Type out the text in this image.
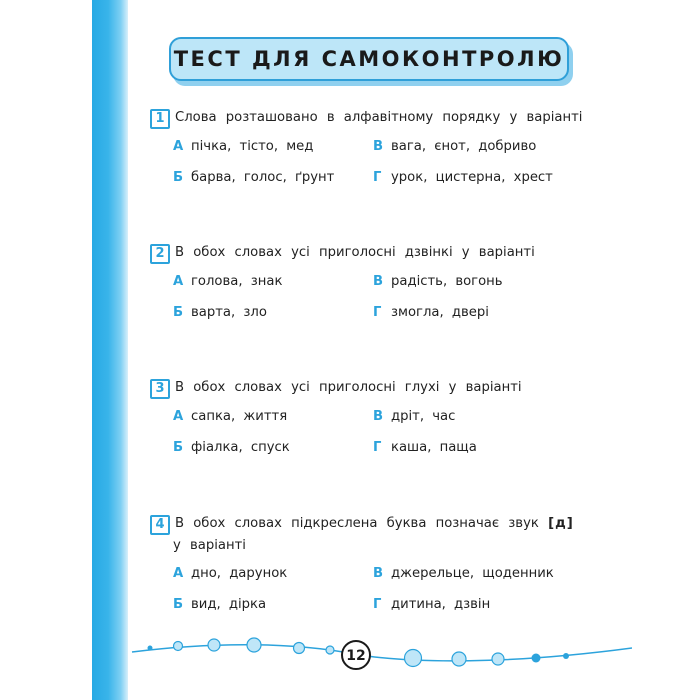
ТЕСТ ДЛЯ САМОКОНТРОЛЮ
1 Слова розташовано в алфавітному порядку у варіанті
А пічка, тісто, мед	В вага, єнот, добриво
Б барва, голос, ґрунт	Г урок, цистерна, хрест
2 В обох словах усі приголосні дзвінкі у варіанті
А голова, знак	В радість, вогонь
Б варта, зло	Г змогла, двері
3 В обох словах усі приголосні глухі у варіанті
А сапка, життя	В дріт, час
Б фіалка, спуск	Г каша, паща
4 В обох словах підкреслена буква позначає звук [д]
у варіанті
А дно, дарунок	В джерельце, щоденник
Б вид, дірка	Г дитина, дзвін
12
